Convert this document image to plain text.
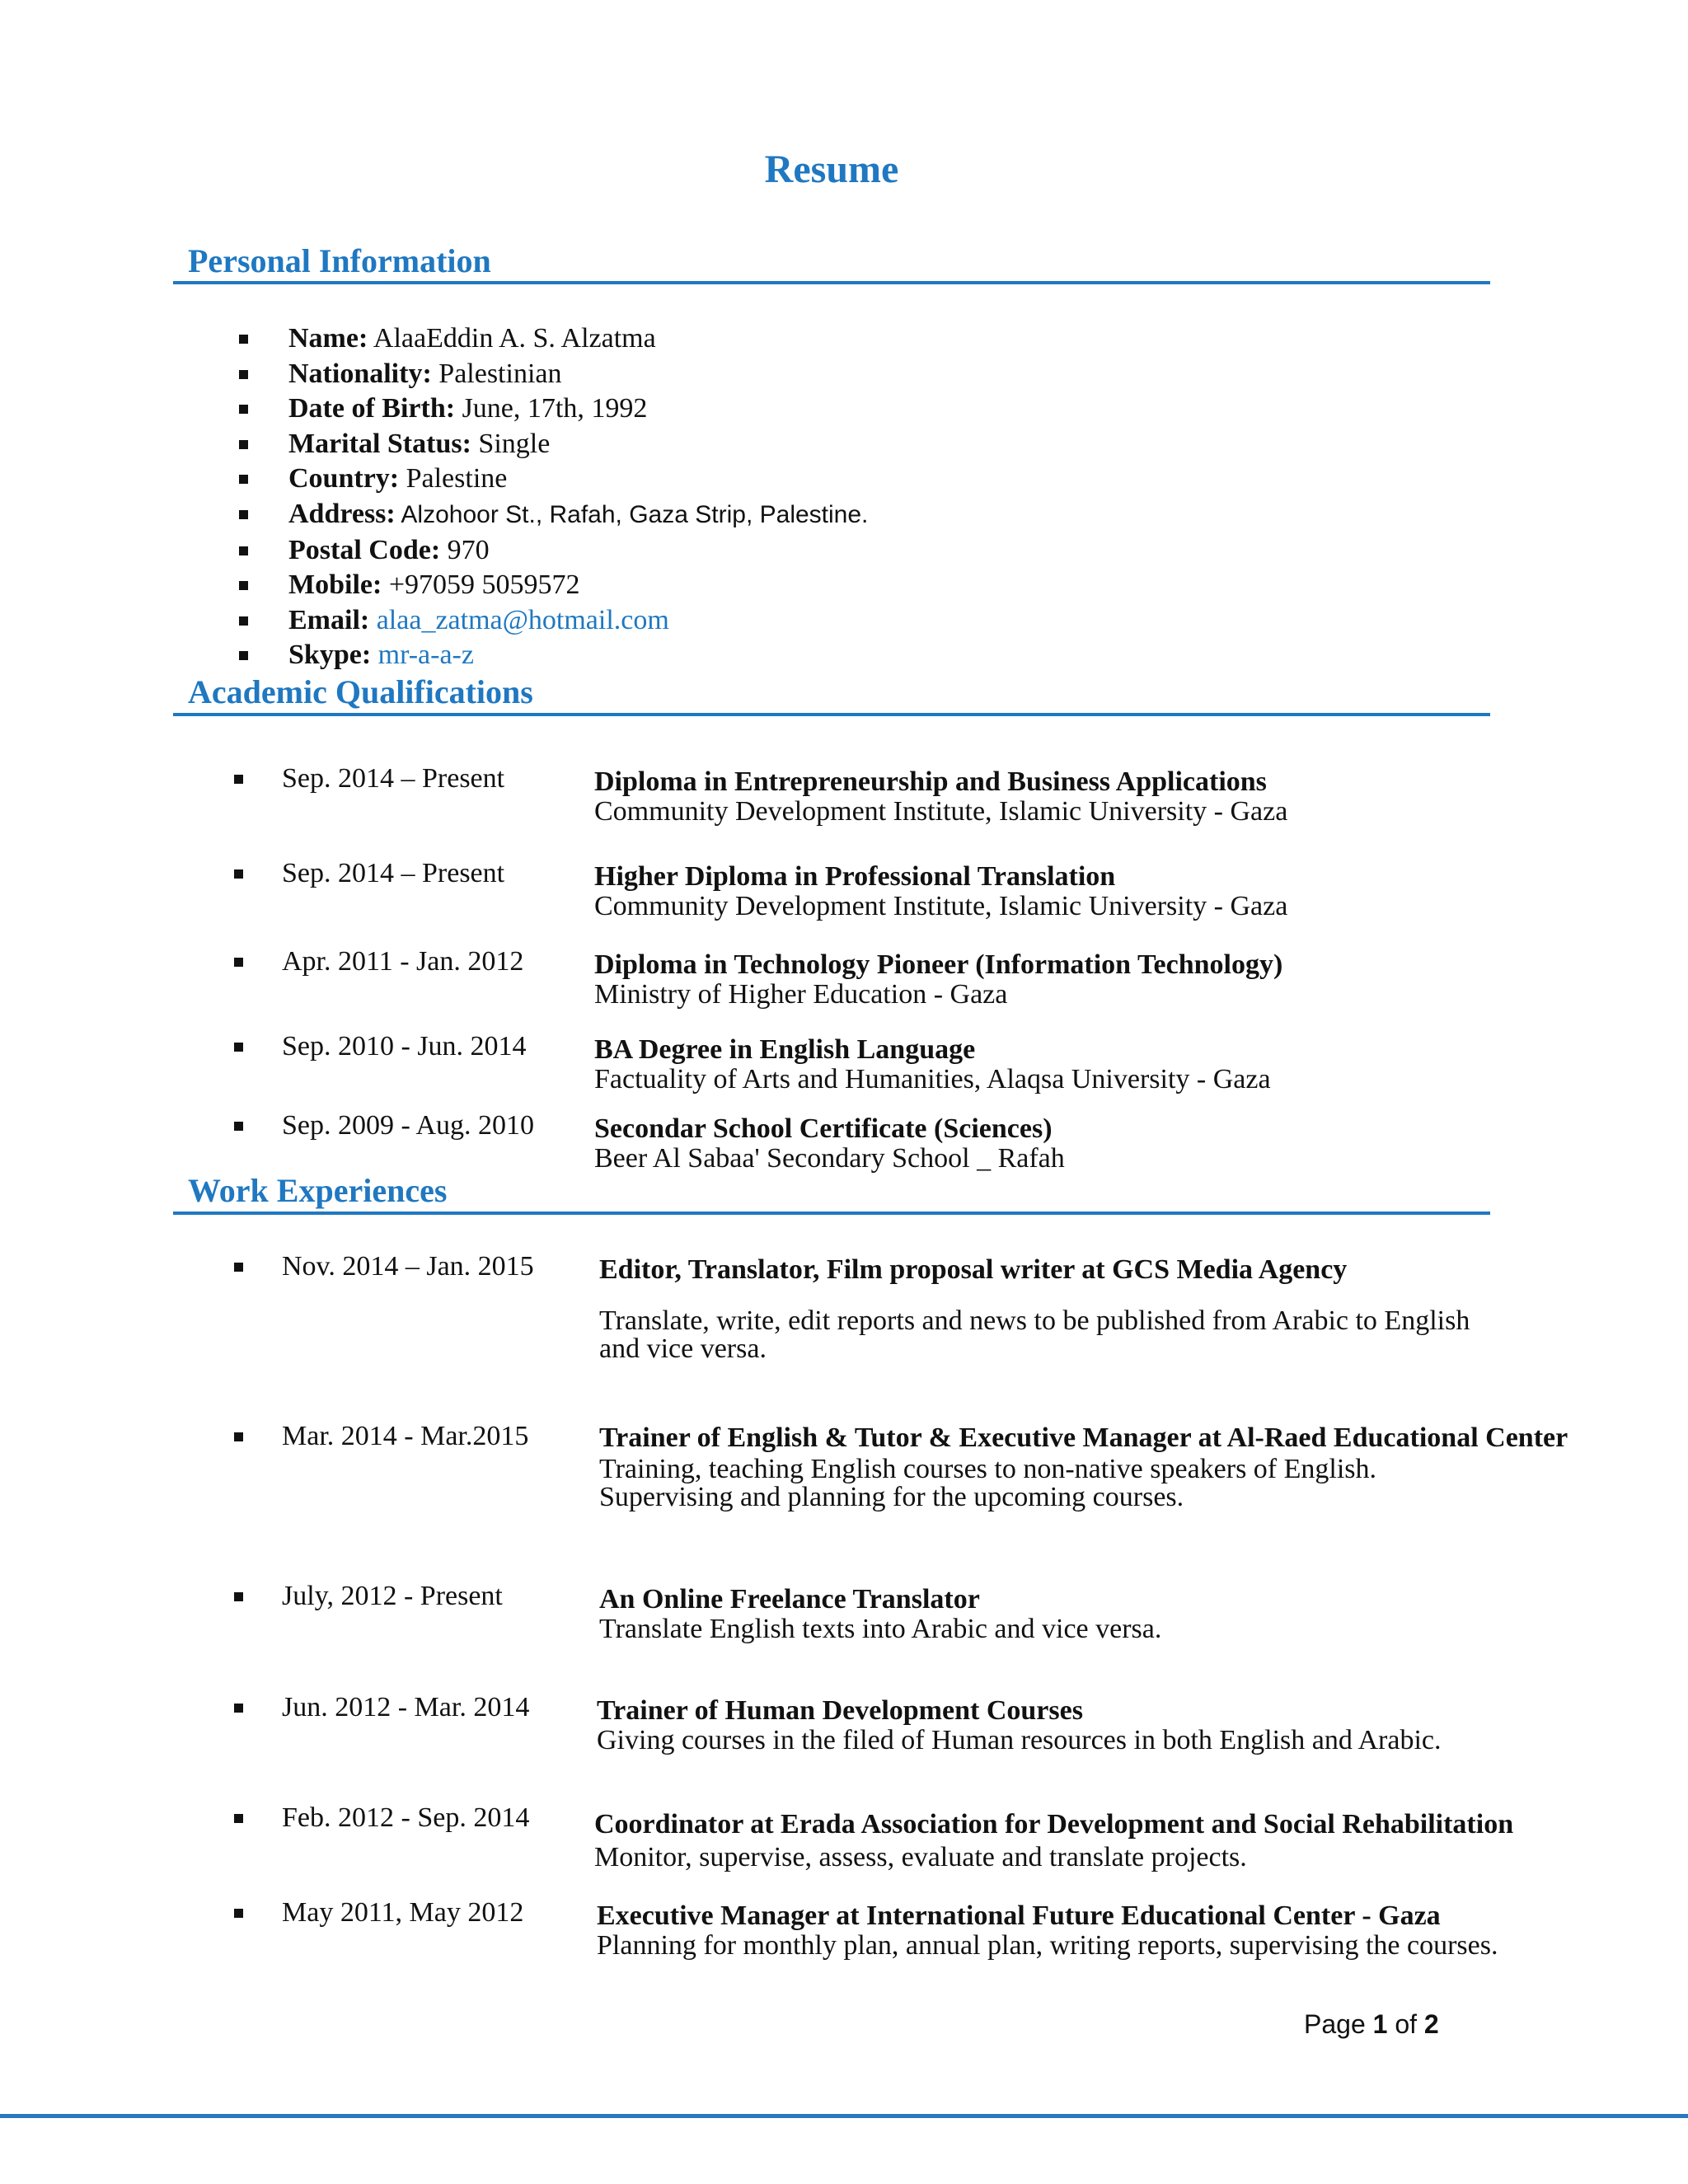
Resume
Personal Information
Name: AlaaEddin A. S. Alzatma
Nationality: Palestinian
Date of Birth: June, 17th, 1992
Marital Status: Single
Country: Palestine
Address: Alzohoor St., Rafah, Gaza Strip, Palestine.
Postal Code: 970
Mobile: +97059 5059572
Email: alaa_zatma@hotmail.com
Skype: mr-a-a-z
Academic Qualifications
Sep. 2014 – Present	Diploma in Entrepreneurship and Business Applications
Community Development Institute, Islamic University - Gaza
Sep. 2014 – Present	Higher Diploma in Professional Translation
Community Development Institute, Islamic University - Gaza
Apr. 2011 - Jan. 2012	Diploma in Technology Pioneer (Information Technology)
Ministry of Higher Education - Gaza
Sep. 2010 - Jun. 2014 BA Degree in English Language
Factuality of Arts and Humanities, Alaqsa University - Gaza
Sep. 2009 - Aug. 2010 Secondar School Certificate (Sciences)
Beer Al Sabaa' Secondary School _ Rafah
Work Experiences
Nov. 2014 – Jan. 2015 Editor, Translator, Film proposal writer at GCS Media Agency
Translate, write, edit reports and news to be published from Arabic to English
and vice versa.
Mar. 2014 - Mar.2015	Trainer of English & Tutor & Executive Manager at Al-Raed Educational Center
Training, teaching English courses to non-native speakers of English.
Supervising and planning for the upcoming courses.
July, 2012 - Present	An Online Freelance Translator
Translate English texts into Arabic and vice versa.
Jun. 2012 - Mar. 2014 Trainer of Human Development Courses
Giving courses in the filed of Human resources in both English and Arabic.
Feb. 2012 - Sep. 2014 Coordinator at Erada Association for Development and Social Rehabilitation
Monitor, supervise, assess, evaluate and translate projects.
May 2011, May 2012	Executive Manager at International Future Educational Center - Gaza
Planning for monthly plan, annual plan, writing reports, supervising the courses.
Page 1 of 2
